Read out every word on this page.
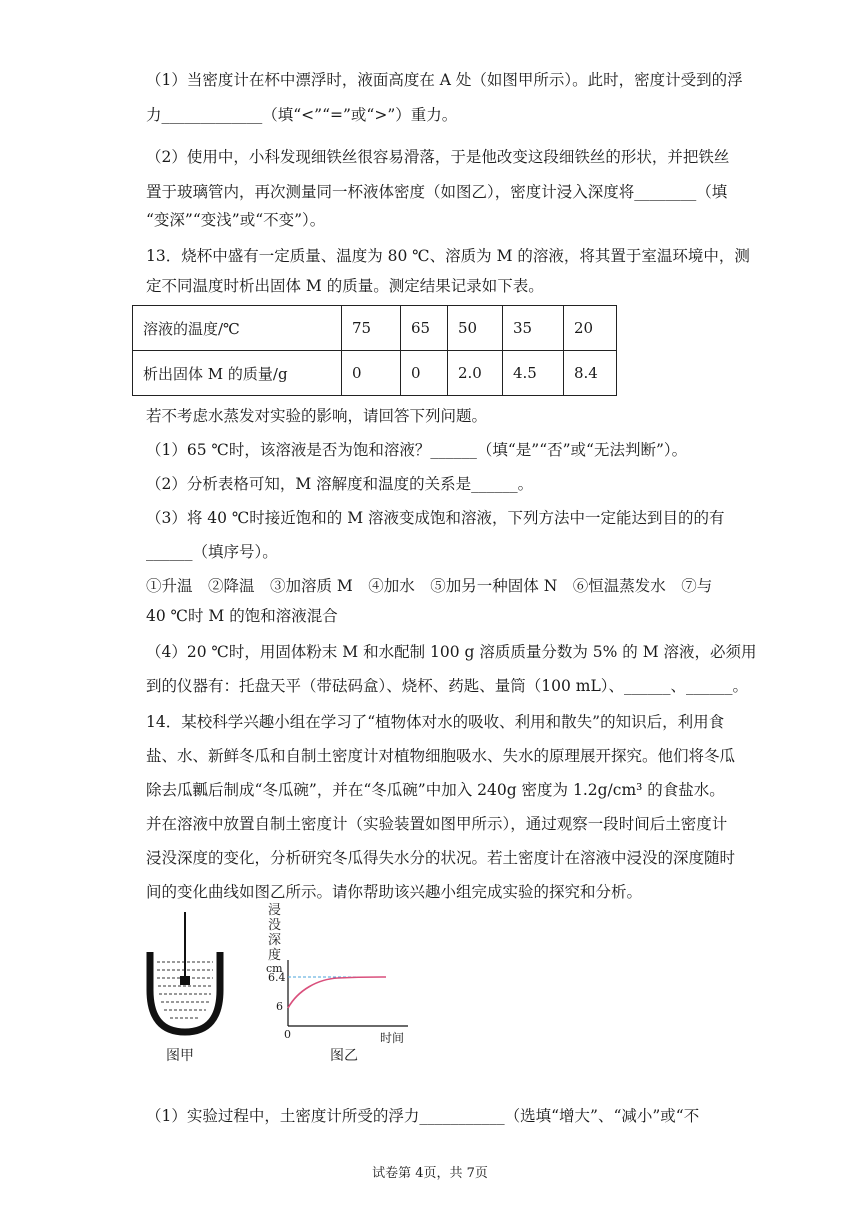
（1）当密度计在杯中漂浮时，液面高度在 A 处（如图甲所示）。此时，密度计受到的浮
力_____________（填“<”“=”或“>”）重力。
（2）使用中，小科发现细铁丝很容易滑落，于是他改变这段细铁丝的形状，并把铁丝
置于玻璃管内，再次测量同一杯液体密度（如图乙），密度计浸入深度将________（填
“变深”“变浅”或“不变”）。
13．烧杯中盛有一定质量、温度为 80 ℃、溶质为 M 的溶液，将其置于室温环境中，测
定不同温度时析出固体 M 的质量。测定结果记录如下表。
溶液的温度/℃	75	65	50	35	20
析出固体 M 的质量/g	0	0	2.0	4.5	8.4
若不考虑水蒸发对实验的影响，请回答下列问题。
（1）65 ℃时，该溶液是否为饱和溶液？______（填“是”“否”或“无法判断”）。
（2）分析表格可知，M 溶解度和温度的关系是______。
（3）将 40 ℃时接近饱和的 M 溶液变成饱和溶液，下列方法中一定能达到目的的有
______（填序号）。
①升温　②降温　③加溶质 M　④加水　⑤加另一种固体 N　⑥恒温蒸发水　⑦与
40 ℃时 M 的饱和溶液混合
（4）20 ℃时，用固体粉末 M 和水配制 100 g 溶质质量分数为 5% 的 M 溶液，必须用
到的仪器有：托盘天平（带砝码盒）、烧杯、药匙、量筒（100 mL）、______、______。
14．某校科学兴趣小组在学习了“植物体对水的吸收、利用和散失”的知识后，利用食
盐、水、新鲜冬瓜和自制土密度计对植物细胞吸水、失水的原理展开探究。他们将冬瓜
除去瓜瓤后制成“冬瓜碗”，并在“冬瓜碗”中加入 240g 密度为 1.2g/cm³ 的食盐水。
并在溶液中放置自制土密度计（实验装置如图甲所示），通过观察一段时间后土密度计
浸没深度的变化，分析研究冬瓜得失水分的状况。若土密度计在溶液中浸没的深度随时
间的变化曲线如图乙所示。请你帮助该兴趣小组完成实验的探究和分析。
图甲
浸
没
深
度
cm
6.4
6
0	时间
图乙
（1）实验过程中，土密度计所受的浮力___________（选填“增大”、“减小”或“不
试卷第 4页，共 7页
